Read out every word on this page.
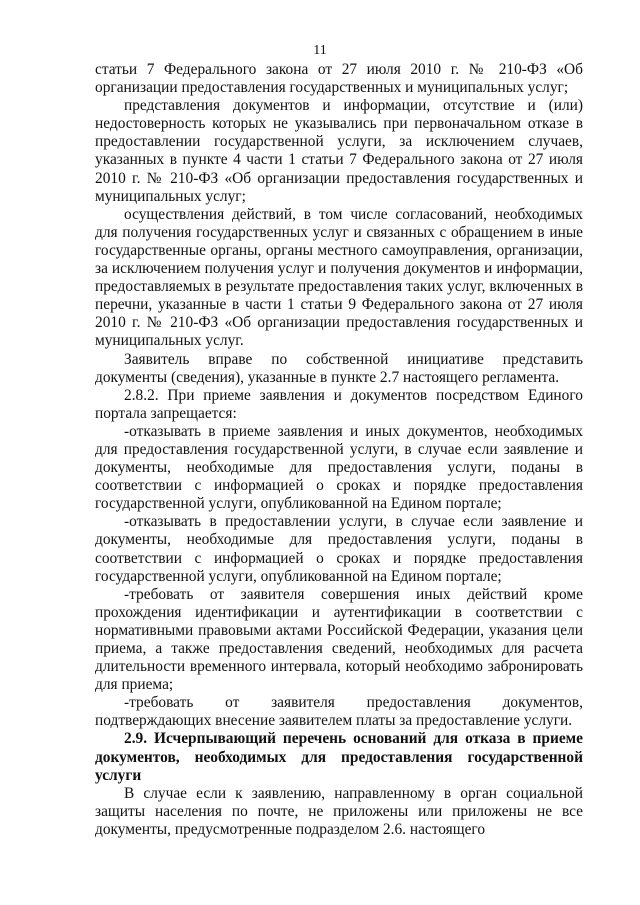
11

статьи 7 Федерального закона от 27 июля 2010 г. № 210-ФЗ «Об организации предоставления государственных и муниципальных услуг;

представления документов и информации, отсутствие и (или) недостоверность которых не указывались при первоначальном отказе в предоставлении государственной услуги, за исключением случаев, указанных в пункте 4 части 1 статьи 7 Федерального закона от 27 июля 2010 г. № 210-ФЗ «Об организации предоставления государственных и муниципальных услуг;

осуществления действий, в том числе согласований, необходимых для получения государственных услуг и связанных с обращением в иные государственные органы, органы местного самоуправления, организации, за исключением получения услуг и получения документов и информации, предоставляемых в результате предоставления таких услуг, включенных в перечни, указанные в части 1 статьи 9 Федерального закона от 27 июля 2010 г. № 210-ФЗ «Об организации предоставления государственных и муниципальных услуг.

Заявитель вправе по собственной инициативе представить документы (сведения), указанные в пункте 2.7 настоящего регламента.

2.8.2. При приеме заявления и документов посредством Единого портала запрещается:

-отказывать в приеме заявления и иных документов, необходимых для предоставления государственной услуги, в случае если заявление и документы, необходимые для предоставления услуги, поданы в соответствии с информацией о сроках и порядке предоставления государственной услуги, опубликованной на Едином портале;

-отказывать в предоставлении услуги, в случае если заявление и документы, необходимые для предоставления услуги, поданы в соответствии с информацией о сроках и порядке предоставления государственной услуги, опубликованной на Едином портале;

-требовать от заявителя совершения иных действий кроме прохождения идентификации и аутентификации в соответствии с нормативными правовыми актами Российской Федерации, указания цели приема, а также предоставления сведений, необходимых для расчета длительности временного интервала, который необходимо забронировать для приема;

-требовать от заявителя предоставления документов, подтверждающих внесение заявителем платы за предоставление услуги.

2.9. Исчерпывающий перечень оснований для отказа в приеме документов, необходимых для предоставления государственной услуги

В случае если к заявлению, направленному в орган социальной защиты населения по почте, не приложены или приложены не все документы, предусмотренные подразделом 2.6. настоящего
